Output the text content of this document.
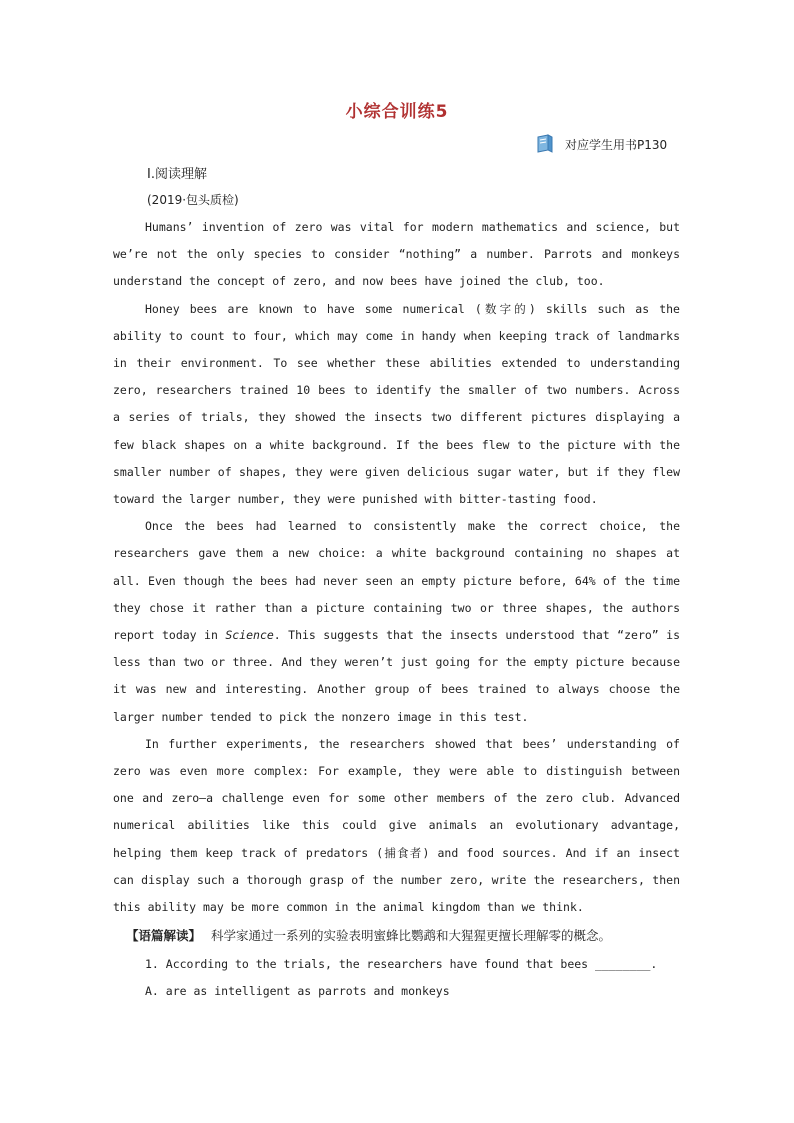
小综合训练5
对应学生用书P130
Ⅰ.阅读理解
(2019·包头质检)

Humans’ invention of zero was vital for modern mathematics and science, but we’re not the only species to consider “nothing” a number. Parrots and monkeys understand the concept of zero, and now bees have joined the club, too.

Honey bees are known to have some numerical (数字的) skills such as the ability to count to four, which may come in handy when keeping track of landmarks in their environment. To see whether these abilities extended to understanding zero, researchers trained 10 bees to identify the smaller of two numbers. Across a series of trials, they showed the insects two different pictures displaying a few black shapes on a white background. If the bees flew to the picture with the smaller number of shapes, they were given delicious sugar water, but if they flew toward the larger number, they were punished with bitter-tasting food.

Once the bees had learned to consistently make the correct choice, the researchers gave them a new choice: a white background containing no shapes at all. Even though the bees had never seen an empty picture before, 64% of the time they chose it rather than a picture containing two or three shapes, the authors report today in Science. This suggests that the insects understood that “zero” is less than two or three. And they weren’t just going for the empty picture because it was new and interesting. Another group of bees trained to always choose the larger number tended to pick the nonzero image in this test.

In further experiments, the researchers showed that bees’ understanding of zero was even more complex: For example, they were able to distinguish between one and zero—a challenge even for some other members of the zero club. Advanced numerical abilities like this could give animals an evolutionary advantage, helping them keep track of predators (捕食者) and food sources. And if an insect can display such a thorough grasp of the number zero, write the researchers, then this ability may be more common in the animal kingdom than we think.

【语篇解读】 科学家通过一系列的实验表明蜜蜂比鹦鹉和大猩猩更擅长理解零的概念。
1. According to the trials, the researchers have found that bees ________.
A. are as intelligent as parrots and monkeys
